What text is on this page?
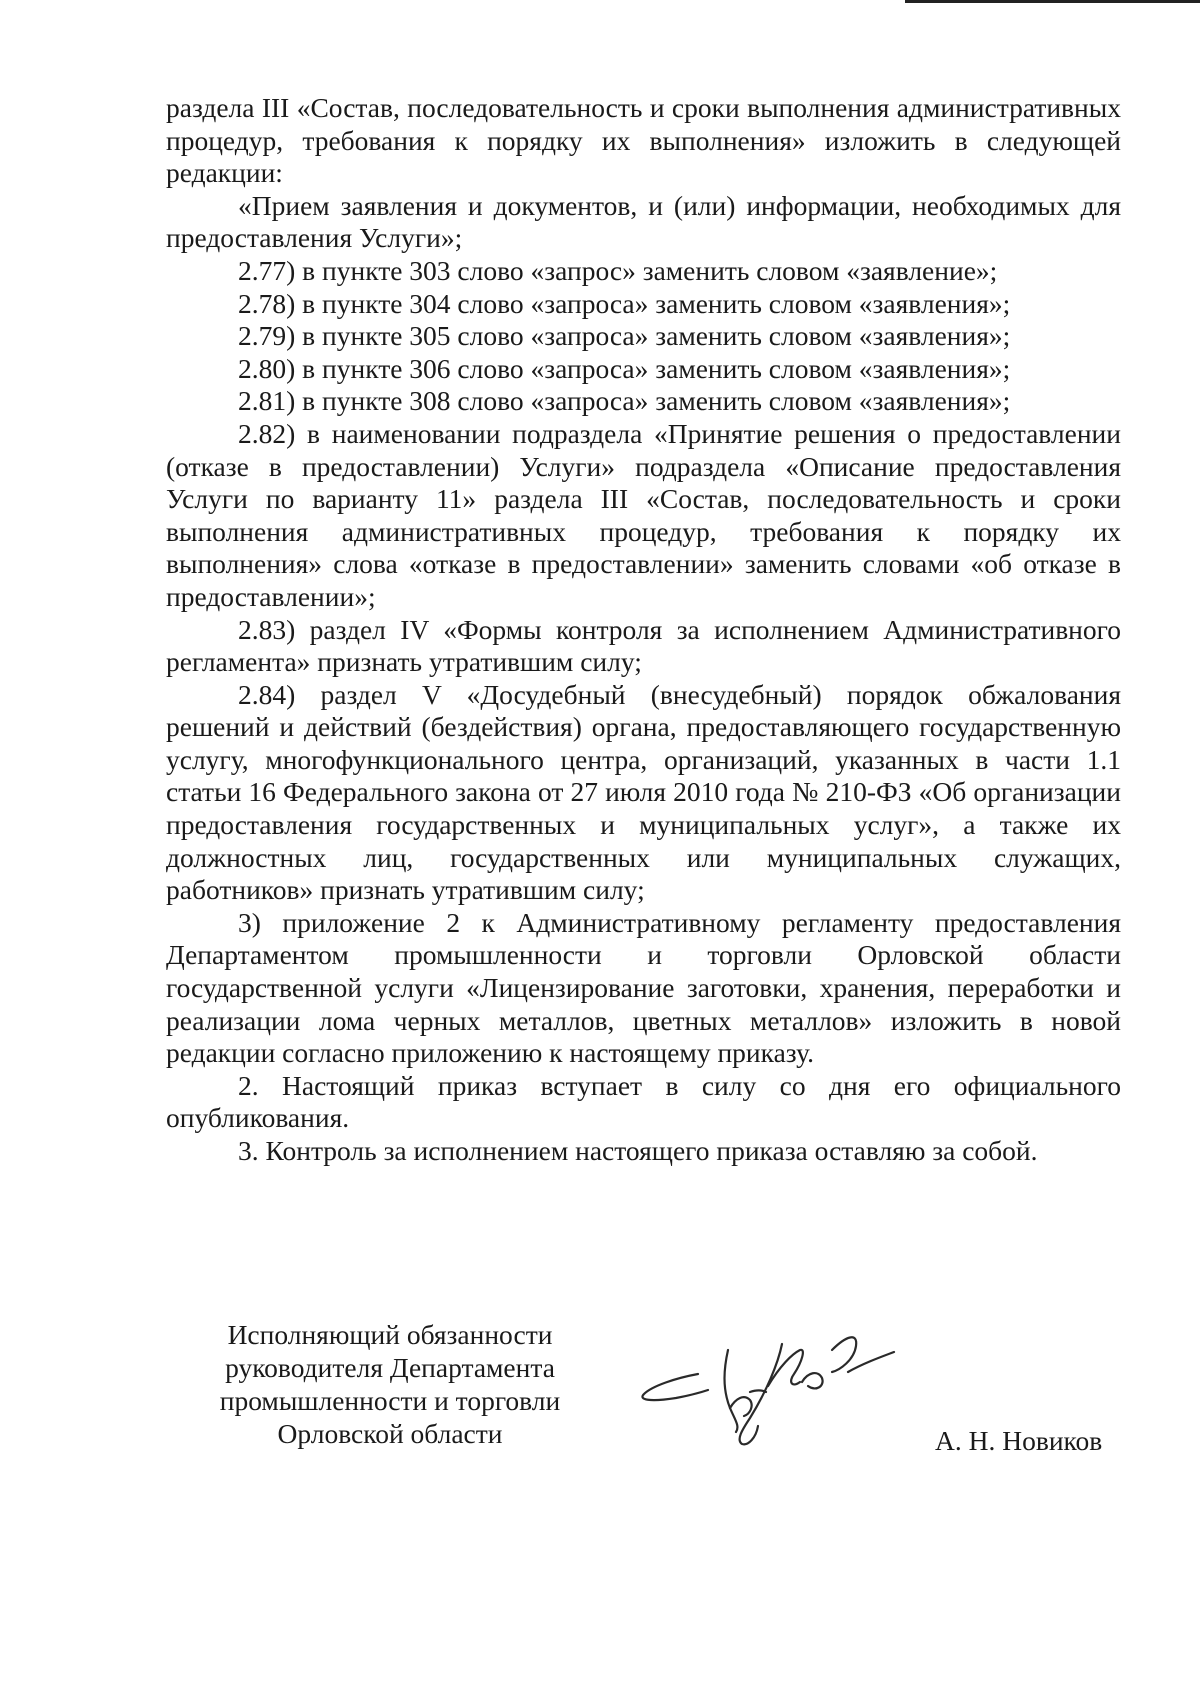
раздела III «Состав, последовательность и сроки выполнения административных процедур, требования к порядку их выполнения» изложить в следующей редакции:

«Прием заявления и документов, и (или) информации, необходимых для предоставления Услуги»;

2.77) в пункте 303 слово «запрос» заменить словом «заявление»;

2.78) в пункте 304 слово «запроса» заменить словом «заявления»;

2.79) в пункте 305 слово «запроса» заменить словом «заявления»;

2.80) в пункте 306 слово «запроса» заменить словом «заявления»;

2.81) в пункте 308 слово «запроса» заменить словом «заявления»;

2.82) в наименовании подраздела «Принятие решения о предоставлении (отказе в предоставлении) Услуги» подраздела «Описание предоставления Услуги по варианту 11» раздела III «Состав, последовательность и сроки выполнения административных процедур, требования к порядку их выполнения» слова «отказе в предоставлении» заменить словами «об отказе в предоставлении»;

2.83) раздел IV «Формы контроля за исполнением Административного регламента» признать утратившим силу;

2.84) раздел V «Досудебный (внесудебный) порядок обжалования решений и действий (бездействия) органа, предоставляющего государственную услугу, многофункционального центра, организаций, указанных в части 1.1 статьи 16 Федерального закона от 27 июля 2010 года № 210-ФЗ «Об организации предоставления государственных и муниципальных услуг», а также их должностных лиц, государственных или муниципальных служащих, работников» признать утратившим силу;

3) приложение 2 к Административному регламенту предоставления Департаментом промышленности и торговли Орловской области государственной услуги «Лицензирование заготовки, хранения, переработки и реализации лома черных металлов, цветных металлов» изложить в новой редакции согласно приложению к настоящему приказу.

2. Настоящий приказ вступает в силу со дня его официального опубликования.

3. Контроль за исполнением настоящего приказа оставляю за собой.

Исполняющий обязанности
руководителя Департамента
промышленности и торговли
Орловской области	А. Н. Новиков
